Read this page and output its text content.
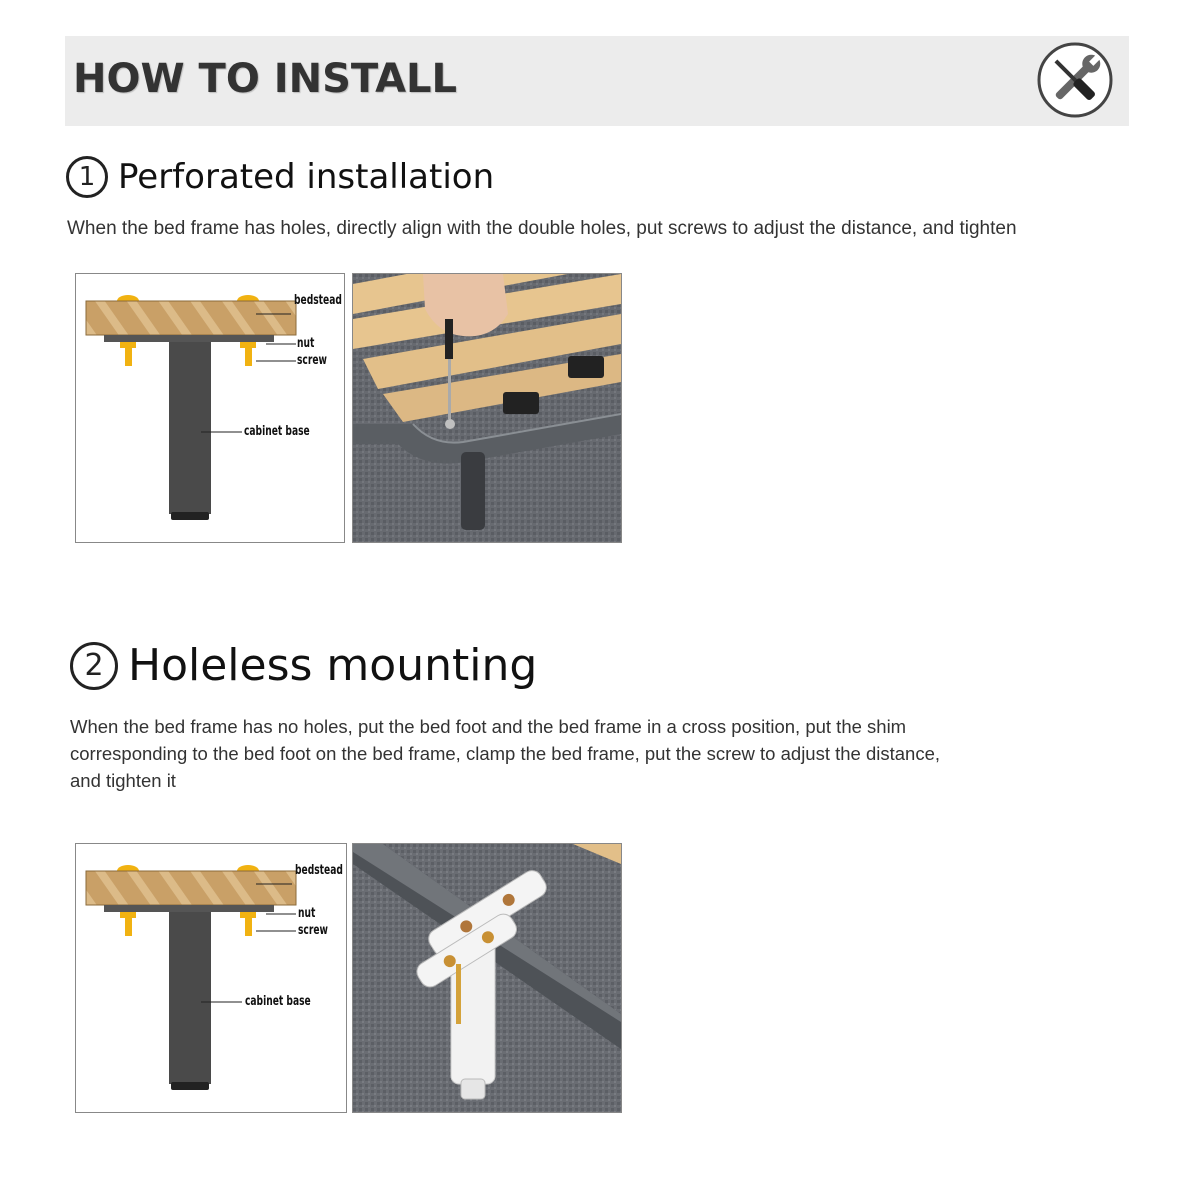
HOW TO INSTALL
1 Perforated installation

When the bed frame has holes, directly align with the double holes, put screws to adjust the distance, and tighten

bedstead
nut
screw
cabinet base
2 Holeless mounting

When the bed frame has no holes, put the bed foot and the bed frame in a cross position, put the shim corresponding to the bed foot on the bed frame, clamp the bed frame, put the screw to adjust the distance, and tighten it

bedstead
nut
screw
cabinet base
